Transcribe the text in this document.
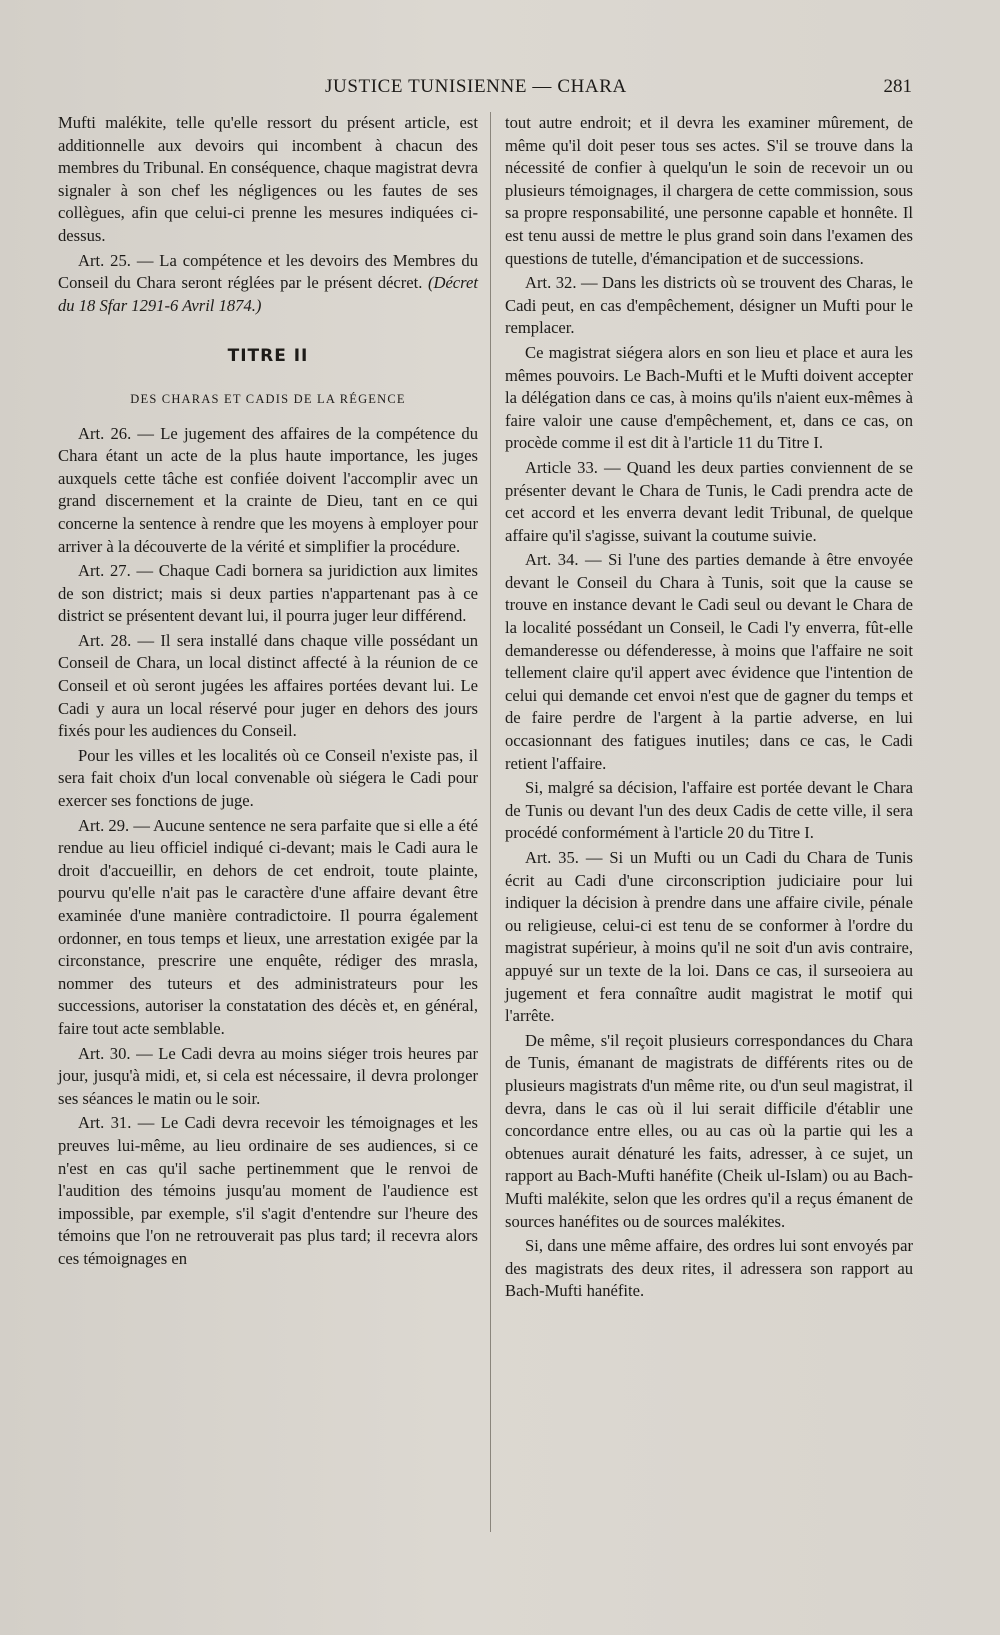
JUSTICE TUNISIENNE — CHARA	281

Mufti malékite, telle qu'elle ressort du présent article, est additionnelle aux devoirs qui incombent à chacun des membres du Tribunal. En conséquence, chaque magistrat devra signaler à son chef les négligences ou les fautes de ses collègues, afin que celui-ci prenne les mesures indiquées ci-dessus.

Art. 25. — La compétence et les devoirs des Membres du Conseil du Chara seront réglées par le présent décret. (Décret du 18 Sfar 1291-6 Avril 1874.)

TITRE II
DES CHARAS ET CADIS DE LA RÉGENCE

Art. 26. — Le jugement des affaires de la compétence du Chara étant un acte de la plus haute importance, les juges auxquels cette tâche est confiée doivent l'accomplir avec un grand discernement et la crainte de Dieu, tant en ce qui concerne la sentence à rendre que les moyens à employer pour arriver à la découverte de la vérité et simplifier la procédure.

Art. 27. — Chaque Cadi bornera sa juridiction aux limites de son district; mais si deux parties n'appartenant pas à ce district se présentent devant lui, il pourra juger leur différend.

Art. 28. — Il sera installé dans chaque ville possédant un Conseil de Chara, un local distinct affecté à la réunion de ce Conseil et où seront jugées les affaires portées devant lui. Le Cadi y aura un local réservé pour juger en dehors des jours fixés pour les audiences du Conseil.

Pour les villes et les localités où ce Conseil n'existe pas, il sera fait choix d'un local convenable où siégera le Cadi pour exercer ses fonctions de juge.

Art. 29. — Aucune sentence ne sera parfaite que si elle a été rendue au lieu officiel indiqué ci-devant; mais le Cadi aura le droit d'accueillir, en dehors de cet endroit, toute plainte, pourvu qu'elle n'ait pas le caractère d'une affaire devant être examinée d'une manière contradictoire. Il pourra également ordonner, en tous temps et lieux, une arrestation exigée par la circonstance, prescrire une enquête, rédiger des mrasla, nommer des tuteurs et des administrateurs pour les successions, autoriser la constatation des décès et, en général, faire tout acte semblable.

Art. 30. — Le Cadi devra au moins siéger trois heures par jour, jusqu'à midi, et, si cela est nécessaire, il devra prolonger ses séances le matin ou le soir.

Art. 31. — Le Cadi devra recevoir les témoignages et les preuves lui-même, au lieu ordinaire de ses audiences, si ce n'est en cas qu'il sache pertinemment que le renvoi de l'audition des témoins jusqu'au moment de l'audience est impossible, par exemple, s'il s'agit d'entendre sur l'heure des témoins que l'on ne retrouverait pas plus tard; il recevra alors ces témoignages en

tout autre endroit; et il devra les examiner mûrement, de même qu'il doit peser tous ses actes. S'il se trouve dans la nécessité de confier à quelqu'un le soin de recevoir un ou plusieurs témoignages, il chargera de cette commission, sous sa propre responsabilité, une personne capable et honnête. Il est tenu aussi de mettre le plus grand soin dans l'examen des questions de tutelle, d'émancipation et de successions.

Art. 32. — Dans les districts où se trouvent des Charas, le Cadi peut, en cas d'empêchement, désigner un Mufti pour le remplacer.

Ce magistrat siégera alors en son lieu et place et aura les mêmes pouvoirs. Le Bach-Mufti et le Mufti doivent accepter la délégation dans ce cas, à moins qu'ils n'aient eux-mêmes à faire valoir une cause d'empêchement, et, dans ce cas, on procède comme il est dit à l'article 11 du Titre I.

Article 33. — Quand les deux parties conviennent de se présenter devant le Chara de Tunis, le Cadi prendra acte de cet accord et les enverra devant ledit Tribunal, de quelque affaire qu'il s'agisse, suivant la coutume suivie.

Art. 34. — Si l'une des parties demande à être envoyée devant le Conseil du Chara à Tunis, soit que la cause se trouve en instance devant le Cadi seul ou devant le Chara de la localité possédant un Conseil, le Cadi l'y enverra, fût-elle demanderesse ou défenderesse, à moins que l'affaire ne soit tellement claire qu'il appert avec évidence que l'intention de celui qui demande cet envoi n'est que de gagner du temps et de faire perdre de l'argent à la partie adverse, en lui occasionnant des fatigues inutiles; dans ce cas, le Cadi retient l'affaire.

Si, malgré sa décision, l'affaire est portée devant le Chara de Tunis ou devant l'un des deux Cadis de cette ville, il sera procédé conformément à l'article 20 du Titre I.

Art. 35. — Si un Mufti ou un Cadi du Chara de Tunis écrit au Cadi d'une circonscription judiciaire pour lui indiquer la décision à prendre dans une affaire civile, pénale ou religieuse, celui-ci est tenu de se conformer à l'ordre du magistrat supérieur, à moins qu'il ne soit d'un avis contraire, appuyé sur un texte de la loi. Dans ce cas, il surseoiera au jugement et fera connaître audit magistrat le motif qui l'arrête.

De même, s'il reçoit plusieurs correspondances du Chara de Tunis, émanant de magistrats de différents rites ou de plusieurs magistrats d'un même rite, ou d'un seul magistrat, il devra, dans le cas où il lui serait difficile d'établir une concordance entre elles, ou au cas où la partie qui les a obtenues aurait dénaturé les faits, adresser, à ce sujet, un rapport au Bach-Mufti hanéfite (Cheik ul-Islam) ou au Bach-Mufti malékite, selon que les ordres qu'il a reçus émanent de sources hanéfites ou de sources malékites.

Si, dans une même affaire, des ordres lui sont envoyés par des magistrats des deux rites, il adressera son rapport au Bach-Mufti hanéfite.
